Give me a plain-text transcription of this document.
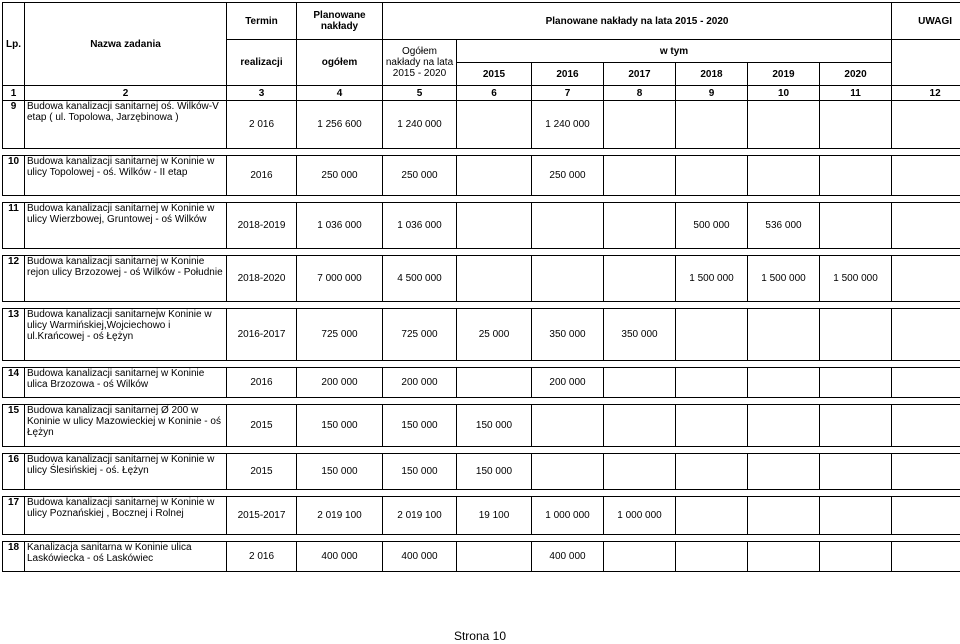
Lp.	Nazwa zadania	Termin	Planowane nakłady	Planowane nakłady na lata 2015 - 2020							UWAGI
		realizacji	ogółem	Ogółem nakłady na lata 2015 - 2020	w tym						
					2015	2016	2017	2018	2019	2020	
1	2	3	4	5	6	7	8	9	10	11	12
9	Budowa kanalizacji sanitarnej oś. Wilków-V etap ( ul. Topolowa, Jarzębinowa )	2 016	1 256 600	1 240 000		1 240 000					

10	Budowa kanalizacji sanitarnej w Koninie w ulicy Topolowej - oś. Wilków - II etap	2016	250 000	250 000		250 000					

11	Budowa kanalizacji sanitarnej w Koninie w ulicy Wierzbowej, Gruntowej - oś Wilków	2018-2019	1 036 000	1 036 000				500 000	536 000		

12	Budowa kanalizacji sanitarnej w Koninie rejon ulicy Brzozowej - oś Wilków - Południe	2018-2020	7 000 000	4 500 000				1 500 000	1 500 000	1 500 000	

13	Budowa kanalizacji sanitarnejw Koninie w ulicy Warmińskiej,Wojciechowo i ul.Krańcowej - oś Łężyn	2016-2017	725 000	725 000	25 000	350 000	350 000				

14	Budowa kanalizacji sanitarnej w Koninie ulica Brzozowa - oś Wilków	2016	200 000	200 000		200 000					

15	Budowa kanalizacji sanitarnej Ø 200 w Koninie w ulicy Mazowieckiej w Koninie - oś Łężyn	2015	150 000	150 000	150 000						

16	Budowa kanalizacji sanitarnej w Koninie w ulicy Ślesińskiej - oś. Łężyn	2015	150 000	150 000	150 000						

17	Budowa kanalizacji sanitarnej w Koninie w ulicy Poznańskiej , Bocznej i Rolnej	2015-2017	2 019 100	2 019 100	19 100	1 000 000	1 000 000				

18	Kanalizacja sanitarna w Koninie ulica Laskówiecka - oś Laskówiec	2 016	400 000	400 000		400 000					
Strona 10
